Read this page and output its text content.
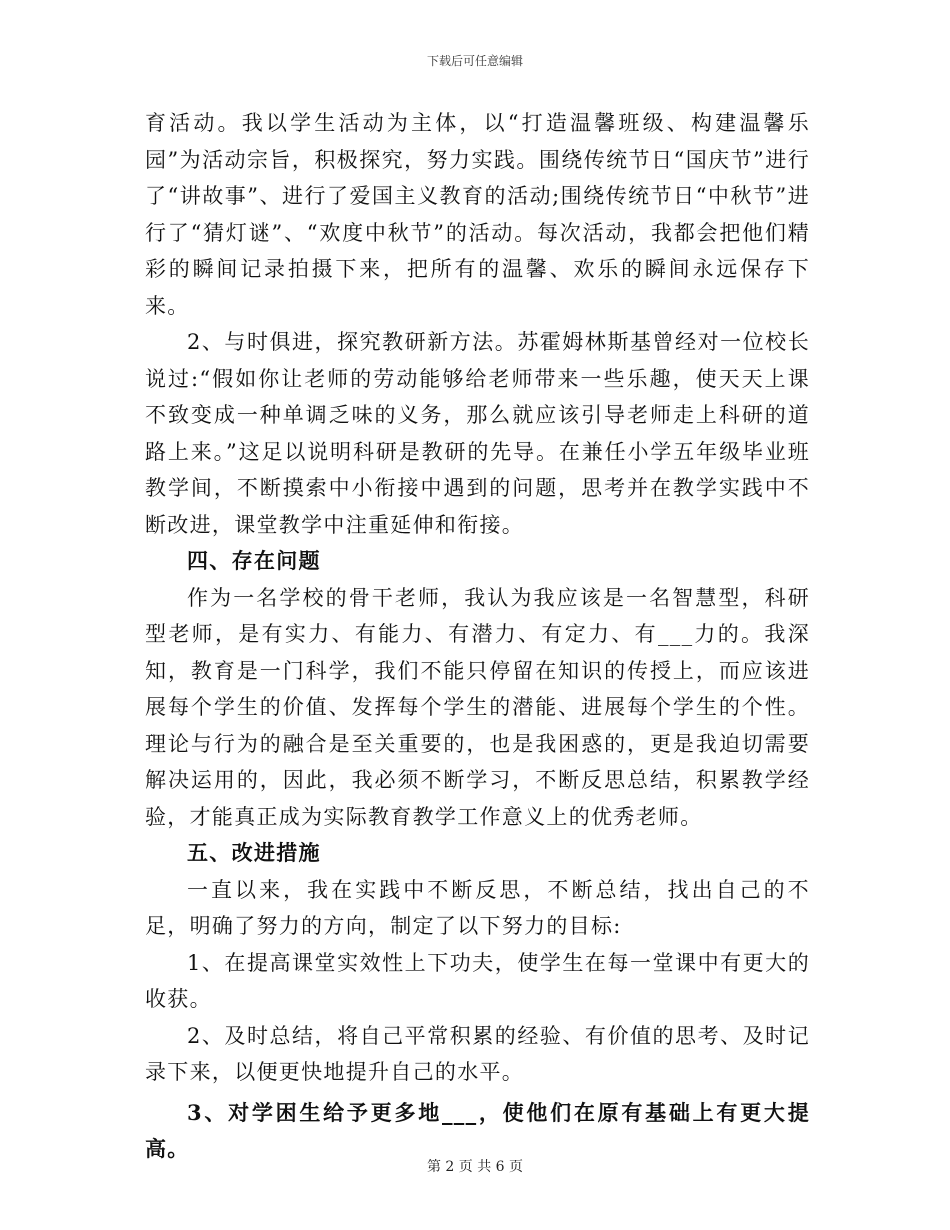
下载后可任意编辑

育活动。我以学生活动为主体，以“打造温馨班级、构建温馨乐园”为活动宗旨，积极探究，努力实践。围绕传统节日“国庆节”进行了“讲故事”、进行了爱国主义教育的活动;围绕传统节日“中秋节”进行了“猜灯谜”、“欢度中秋节”的活动。每次活动，我都会把他们精彩的瞬间记录拍摄下来，把所有的温馨、欢乐的瞬间永远保存下来。

2、与时俱进，探究教研新方法。苏霍姆林斯基曾经对一位校长说过:“假如你让老师的劳动能够给老师带来一些乐趣，使天天上课不致变成一种单调乏味的义务，那么就应该引导老师走上科研的道路上来。”这足以说明科研是教研的先导。在兼任小学五年级毕业班教学间，不断摸索中小衔接中遇到的问题，思考并在教学实践中不断改进，课堂教学中注重延伸和衔接。

四、存在问题

作为一名学校的骨干老师，我认为我应该是一名智慧型，科研型老师，是有实力、有能力、有潜力、有定力、有___力的。我深知，教育是一门科学，我们不能只停留在知识的传授上，而应该进展每个学生的价值、发挥每个学生的潜能、进展每个学生的个性。理论与行为的融合是至关重要的，也是我困惑的，更是我迫切需要解决运用的，因此，我必须不断学习，不断反思总结，积累教学经验，才能真正成为实际教育教学工作意义上的优秀老师。

五、改进措施

一直以来，我在实践中不断反思，不断总结，找出自己的不足，明确了努力的方向，制定了以下努力的目标:

1、在提高课堂实效性上下功夫，使学生在每一堂课中有更大的收获。

2、及时总结，将自己平常积累的经验、有价值的思考、及时记录下来，以便更快地提升自己的水平。

3、对学困生给予更多地___，使他们在原有基础上有更大提高。

第 2 页 共 6 页
